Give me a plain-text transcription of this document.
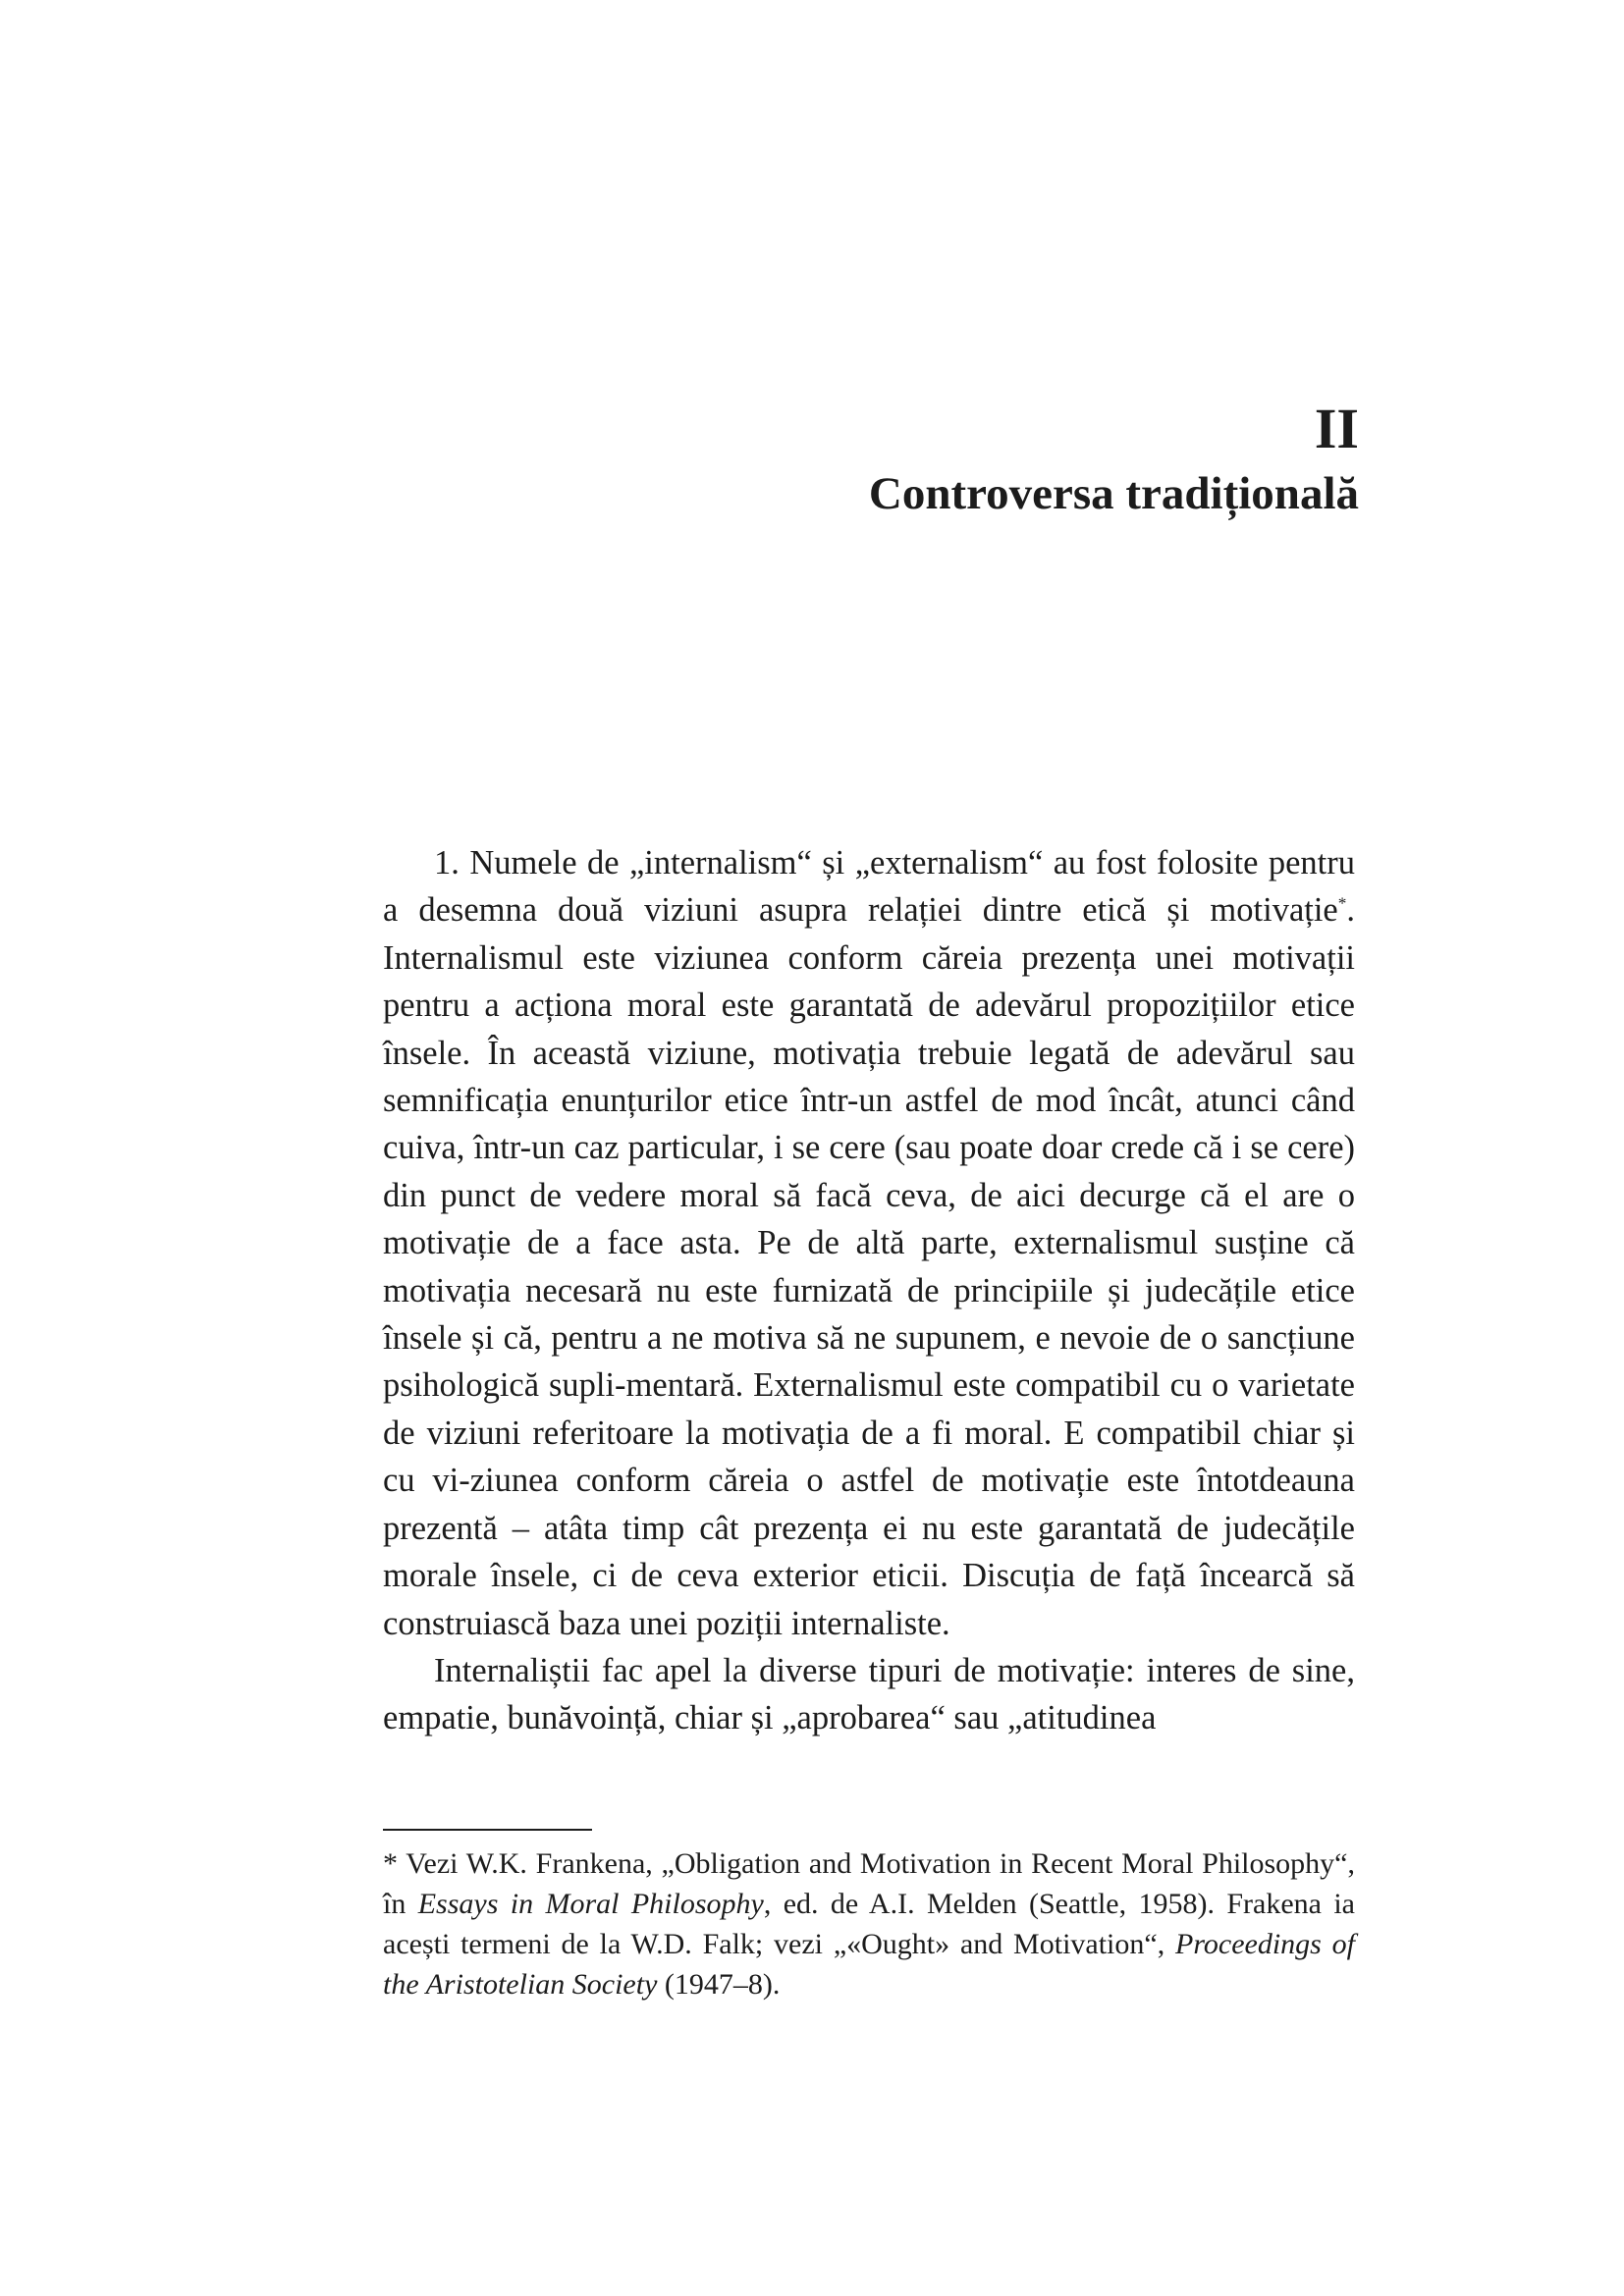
II
Controversa tradițională

1. Numele de „internalism“ și „externalism“ au fost folosite pentru a desemna două viziuni asupra relației dintre etică și motivație*. Internalismul este viziunea conform căreia prezența unei motivații pentru a acționa moral este garantată de adevărul propozițiilor etice însele. În această viziune, motivația trebuie legată de adevărul sau semnificația enunțurilor etice într-un astfel de mod încât, atunci când cuiva, într-un caz particular, i se cere (sau poate doar crede că i se cere) din punct de vedere moral să facă ceva, de aici decurge că el are o motivație de a face asta. Pe de altă parte, externalismul susține că motivația necesară nu este furnizată de principiile și judecățile etice însele și că, pentru a ne motiva să ne supunem, e nevoie de o sancțiune psihologică supli-mentară. Externalismul este compatibil cu o varietate de viziuni referitoare la motivația de a fi moral. E compatibil chiar și cu vi-ziunea conform căreia o astfel de motivație este întotdeauna prezentă – atâta timp cât prezența ei nu este garantată de judecățile morale însele, ci de ceva exterior eticii. Discuția de față încearcă să construiască baza unei poziții internaliste.

Internaliștii fac apel la diverse tipuri de motivație: interes de sine, empatie, bunăvoință, chiar și „aprobarea“ sau „atitudinea

* Vezi W.K. Frankena, „Obligation and Motivation in Recent Moral Philosophy“, în Essays in Moral Philosophy, ed. de A.I. Melden (Seattle, 1958). Frakena ia acești termeni de la W.D. Falk; vezi „«Ought» and Motivation“, Proceedings of the Aristotelian Society (1947–8).
